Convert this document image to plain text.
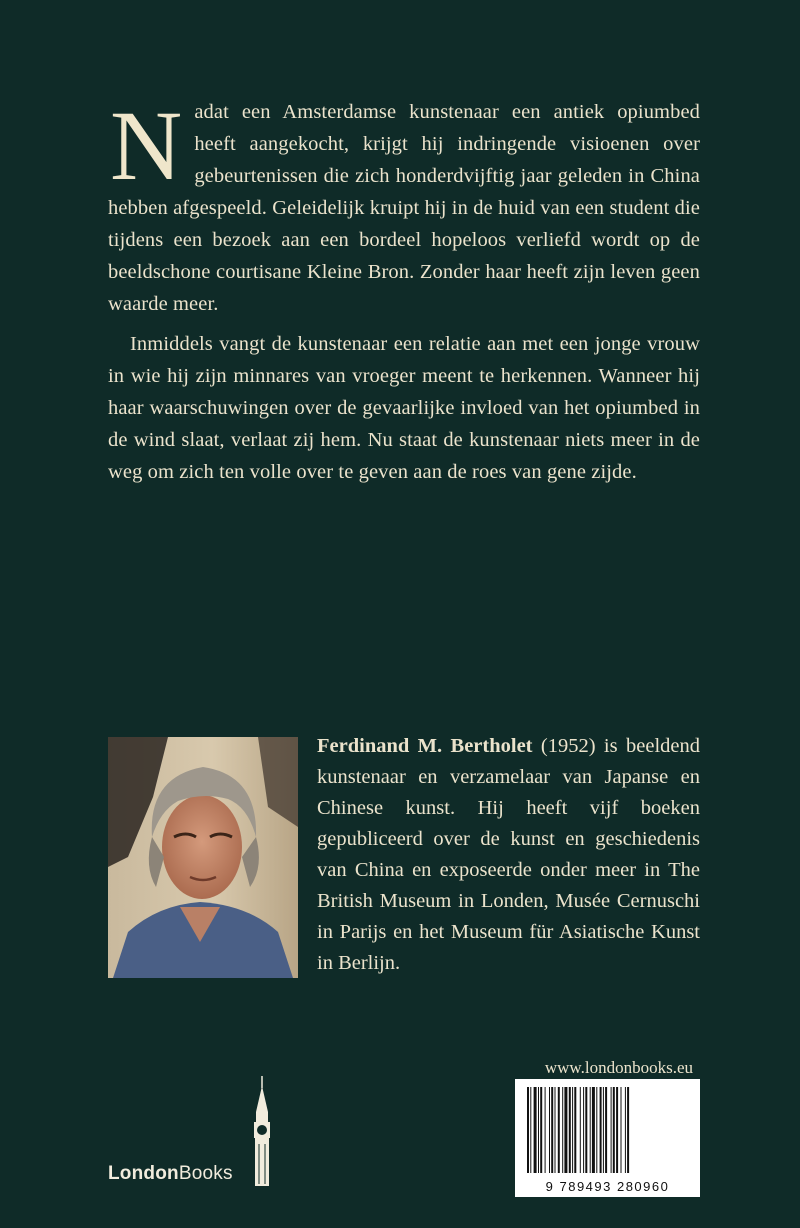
Nadat een Amsterdamse kunstenaar een antiek opiumbed heeft aangekocht, krijgt hij indringende visioenen over gebeurtenissen die zich honderdvijftig jaar geleden in China hebben afgespeeld. Geleidelijk kruipt hij in de huid van een student die tijdens een bezoek aan een bordeel hopeloos verliefd wordt op de beeldschone courtisane Kleine Bron. Zonder haar heeft zijn leven geen waarde meer.

Inmiddels vangt de kunstenaar een relatie aan met een jonge vrouw in wie hij zijn minnares van vroeger meent te herkennen. Wanneer hij haar waarschuwingen over de gevaarlijke invloed van het opiumbed in de wind slaat, verlaat zij hem. Nu staat de kunstenaar niets meer in de weg om zich ten volle over te geven aan de roes van gene zijde.

Ferdinand M. Bertholet (1952) is beeldend kunstenaar en verzamelaar van Japanse en Chinese kunst. Hij heeft vijf boeken gepubliceerd over de kunst en geschiedenis van China en exposeerde onder meer in The British Museum in Londen, Musée Cernuschi in Parijs en het Museum für Asiatische Kunst in Berlijn.

LondonBooks
www.londonbooks.eu
9 789493 280960
